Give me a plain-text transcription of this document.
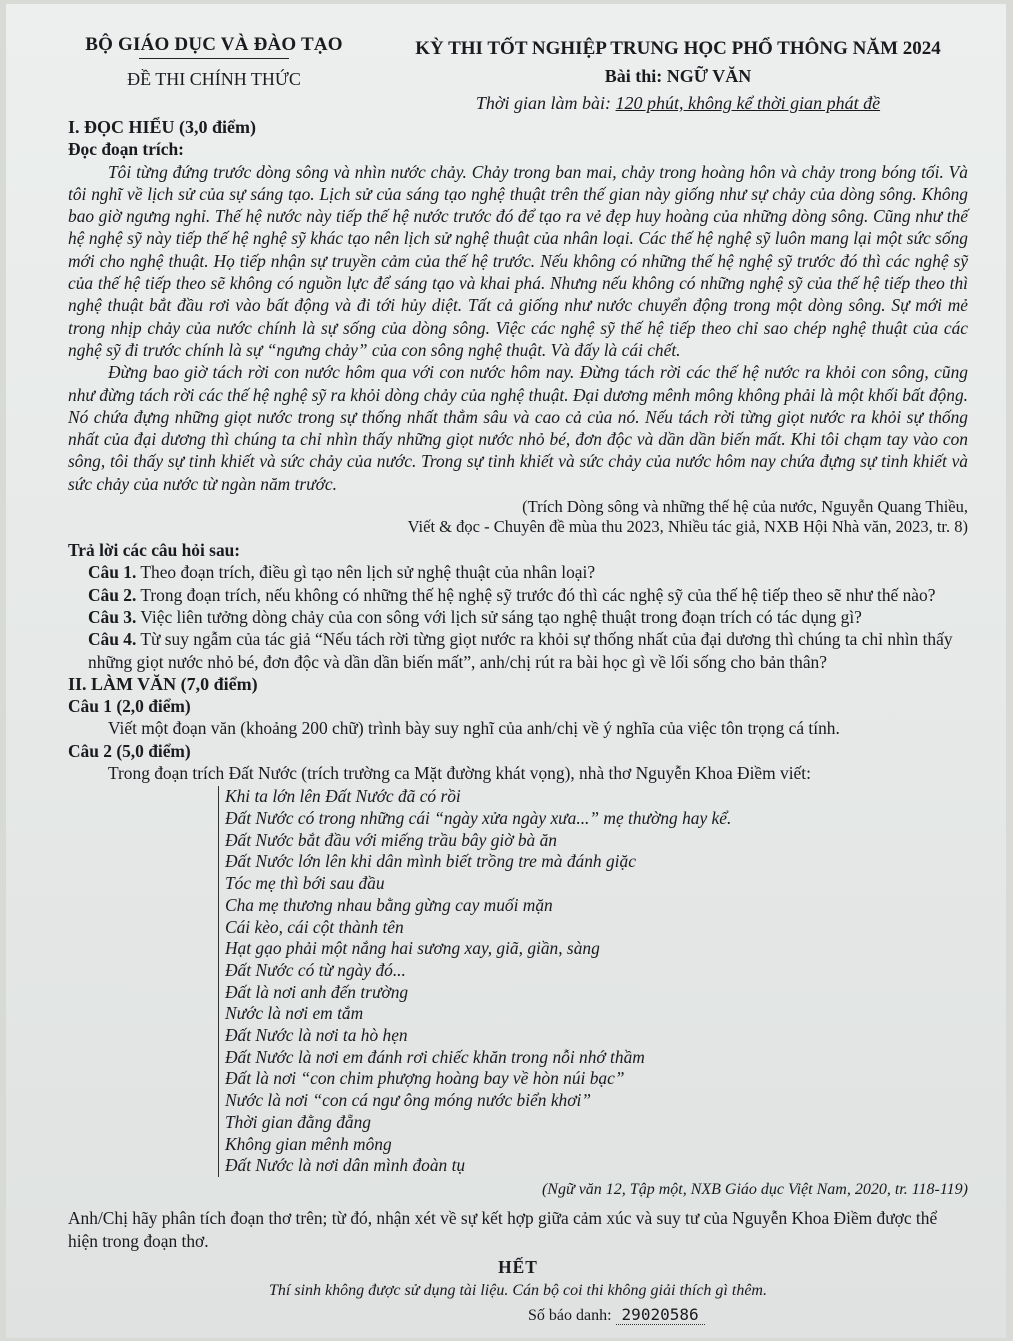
BỘ GIÁO DỤC VÀ ĐÀO TẠO
ĐỀ THI CHÍNH THỨC
KỲ THI TỐT NGHIỆP TRUNG HỌC PHỔ THÔNG NĂM 2024
Bài thi: NGỮ VĂN
Thời gian làm bài: 120 phút, không kể thời gian phát đề
I. ĐỌC HIỂU (3,0 điểm)
Đọc đoạn trích:

Tôi từng đứng trước dòng sông và nhìn nước chảy. Chảy trong ban mai, chảy trong hoàng hôn và chảy trong bóng tối. Và tôi nghĩ về lịch sử của sự sáng tạo. Lịch sử của sáng tạo nghệ thuật trên thế gian này giống như sự chảy của dòng sông. Không bao giờ ngưng nghỉ. Thế hệ nước này tiếp thế hệ nước trước đó để tạo ra vẻ đẹp huy hoàng của những dòng sông. Cũng như thế hệ nghệ sỹ này tiếp thế hệ nghệ sỹ khác tạo nên lịch sử nghệ thuật của nhân loại. Các thế hệ nghệ sỹ luôn mang lại một sức sống mới cho nghệ thuật. Họ tiếp nhận sự truyền cảm của thế hệ trước. Nếu không có những thế hệ nghệ sỹ trước đó thì các nghệ sỹ của thế hệ tiếp theo sẽ không có nguồn lực để sáng tạo và khai phá. Nhưng nếu không có những nghệ sỹ của thế hệ tiếp theo thì nghệ thuật bắt đầu rơi vào bất động và đi tới hủy diệt. Tất cả giống như nước chuyển động trong một dòng sông. Sự mới mẻ trong nhịp chảy của nước chính là sự sống của dòng sông. Việc các nghệ sỹ thế hệ tiếp theo chỉ sao chép nghệ thuật của các nghệ sỹ đi trước chính là sự “ngưng chảy” của con sông nghệ thuật. Và đấy là cái chết.

Đừng bao giờ tách rời con nước hôm qua với con nước hôm nay. Đừng tách rời các thế hệ nước ra khỏi con sông, cũng như đừng tách rời các thế hệ nghệ sỹ ra khỏi dòng chảy của nghệ thuật. Đại dương mênh mông không phải là một khối bất động. Nó chứa đựng những giọt nước trong sự thống nhất thẳm sâu và cao cả của nó. Nếu tách rời từng giọt nước ra khỏi sự thống nhất của đại dương thì chúng ta chỉ nhìn thấy những giọt nước nhỏ bé, đơn độc và dần dần biến mất. Khi tôi chạm tay vào con sông, tôi thấy sự tinh khiết và sức chảy của nước. Trong sự tinh khiết và sức chảy của nước hôm nay chứa đựng sự tinh khiết và sức chảy của nước từ ngàn năm trước.

(Trích Dòng sông và những thế hệ của nước, Nguyễn Quang Thiều,
Viết & đọc - Chuyên đề mùa thu 2023, Nhiều tác giả, NXB Hội Nhà văn, 2023, tr. 8)
Trả lời các câu hỏi sau:
Câu 1. Theo đoạn trích, điều gì tạo nên lịch sử nghệ thuật của nhân loại?
Câu 2. Trong đoạn trích, nếu không có những thế hệ nghệ sỹ trước đó thì các nghệ sỹ của thế hệ tiếp theo sẽ như thế nào?
Câu 3. Việc liên tưởng dòng chảy của con sông với lịch sử sáng tạo nghệ thuật trong đoạn trích có tác dụng gì?
Câu 4. Từ suy ngẫm của tác giả “Nếu tách rời từng giọt nước ra khỏi sự thống nhất của đại dương thì chúng ta chỉ nhìn thấy những giọt nước nhỏ bé, đơn độc và dần dần biến mất”, anh/chị rút ra bài học gì về lối sống cho bản thân?
II. LÀM VĂN (7,0 điểm)
Câu 1 (2,0 điểm)
Viết một đoạn văn (khoảng 200 chữ) trình bày suy nghĩ của anh/chị về ý nghĩa của việc tôn trọng cá tính.
Câu 2 (5,0 điểm)
Trong đoạn trích Đất Nước (trích trường ca Mặt đường khát vọng), nhà thơ Nguyễn Khoa Điềm viết:
Khi ta lớn lên Đất Nước đã có rồi
Đất Nước có trong những cái “ngày xửa ngày xưa...” mẹ thường hay kể.
Đất Nước bắt đầu với miếng trầu bây giờ bà ăn
Đất Nước lớn lên khi dân mình biết trồng tre mà đánh giặc
Tóc mẹ thì bới sau đầu
Cha mẹ thương nhau bằng gừng cay muối mặn
Cái kèo, cái cột thành tên
Hạt gạo phải một nắng hai sương xay, giã, giần, sàng
Đất Nước có từ ngày đó...
Đất là nơi anh đến trường
Nước là nơi em tắm
Đất Nước là nơi ta hò hẹn
Đất Nước là nơi em đánh rơi chiếc khăn trong nỗi nhớ thầm
Đất là nơi “con chim phượng hoàng bay về hòn núi bạc”
Nước là nơi “con cá ngư ông móng nước biển khơi”
Thời gian đằng đẵng
Không gian mênh mông
Đất Nước là nơi dân mình đoàn tụ
(Ngữ văn 12, Tập một, NXB Giáo dục Việt Nam, 2020, tr. 118-119)
Anh/Chị hãy phân tích đoạn thơ trên; từ đó, nhận xét về sự kết hợp giữa cảm xúc và suy tư của Nguyễn Khoa Điềm được thể hiện trong đoạn thơ.
HẾT
Thí sinh không được sử dụng tài liệu. Cán bộ coi thi không giải thích gì thêm.
Số báo danh: 29020586
